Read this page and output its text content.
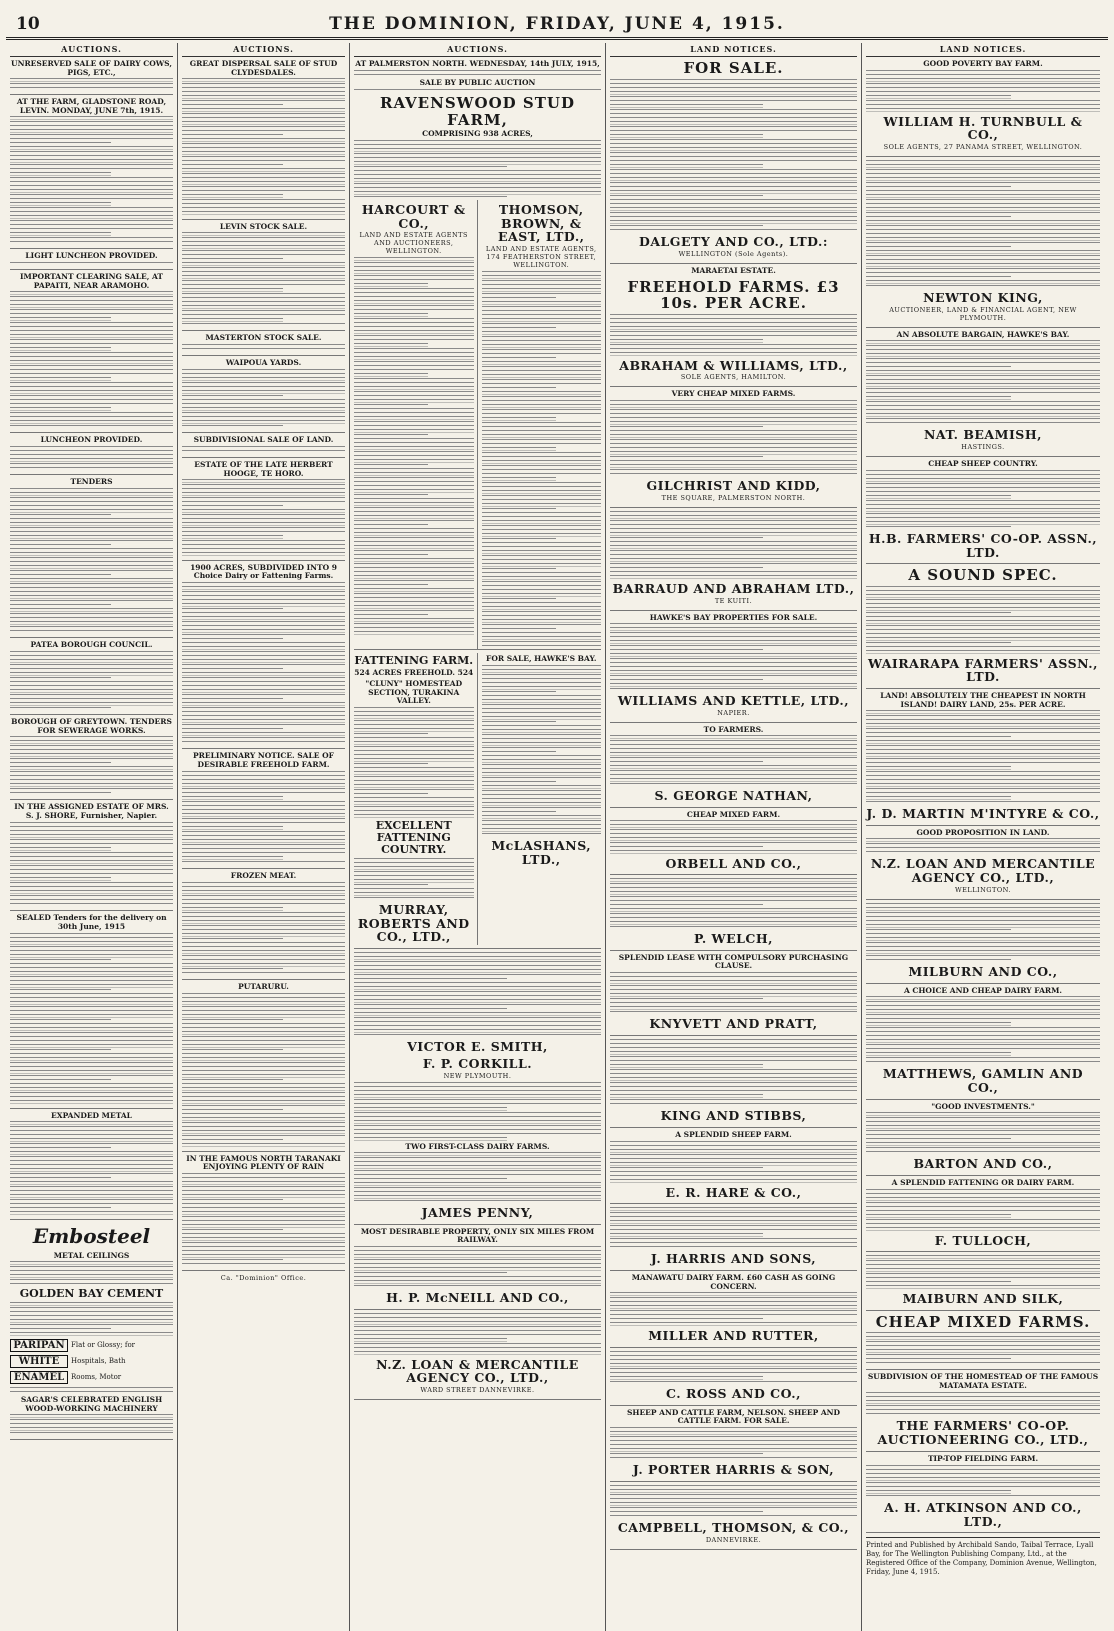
10	THE DOMINION, FRIDAY, JUNE 4, 1915.
AUCTIONS.
UNRESERVED SALE OF DAIRY COWS, PIGS, ETC.,
AT THE FARM, GLADSTONE ROAD, LEVIN. MONDAY, JUNE 7th, 1915.
LIGHT LUNCHEON PROVIDED.
IMPORTANT CLEARING SALE, AT PAPAITI, NEAR ARAMOHO.
LUNCHEON PROVIDED.
TENDERS
PATEA BOROUGH COUNCIL.
BOROUGH OF GREYTOWN. TENDERS FOR SEWERAGE WORKS.
IN THE ASSIGNED ESTATE OF MRS. S. J. SHORE, Furnisher, Napier.
SEALED Tenders for the delivery on 30th June, 1915
EXPANDED METAL
Embosteel
METAL CEILINGS
GOLDEN BAY CEMENT
PARIPAN Flat or Glossy; for
WHITE	Hospitals, Bath
ENAMEL Rooms, Motor
SAGAR'S CELEBRATED ENGLISH WOOD-WORKING MACHINERY
AUCTIONS.
GREAT DISPERSAL SALE OF STUD CLYDESDALES.
LEVIN STOCK SALE.
MASTERTON STOCK SALE.
WAIPOUA YARDS.
SUBDIVISIONAL SALE OF LAND.
ESTATE OF THE LATE HERBERT HOOGE, TE HORO.
1900 ACRES, SUBDIVIDED INTO 9 Choice Dairy or Fattening Farms.
PRELIMINARY NOTICE. SALE OF DESIRABLE FREEHOLD FARM.
FROZEN MEAT.
PUTARURU.
IN THE FAMOUS NORTH TARANAKI ENJOYING PLENTY OF RAIN
Ca. "Dominion" Office.
AUCTIONS.
AT PALMERSTON NORTH. WEDNESDAY, 14th JULY, 1915,
SALE BY PUBLIC AUCTION
RAVENSWOOD STUD FARM,
COMPRISING 938 ACRES,
HARCOURT & CO.,
LAND AND ESTATE AGENTS AND AUCTIONEERS, WELLINGTON.
THOMSON, BROWN, & EAST, LTD.,
LAND AND ESTATE AGENTS, 174 FEATHERSTON STREET, WELLINGTON.
FATTENING FARM.
524 ACRES FREEHOLD. 524
"CLUNY" HOMESTEAD SECTION, TURAKINA VALLEY.
EXCELLENT FATTENING COUNTRY.
MURRAY, ROBERTS AND CO., LTD.,
FOR SALE, HAWKE'S BAY.
McLASHANS, LTD.,
VICTOR E. SMITH,
F. P. CORKILL.
NEW PLYMOUTH.
TWO FIRST-CLASS DAIRY FARMS.
JAMES PENNY,
MOST DESIRABLE PROPERTY, ONLY SIX MILES FROM RAILWAY.
H. P. McNEILL AND CO.,
N.Z. LOAN & MERCANTILE AGENCY CO., LTD.,
WARD STREET DANNEVIRKE.
LAND NOTICES.
FOR SALE.
DALGETY AND CO., LTD.:
WELLINGTON (Sole Agents).
MARAETAI ESTATE.
FREEHOLD FARMS. £3 10s. PER ACRE.
ABRAHAM & WILLIAMS, LTD.,
SOLE AGENTS, HAMILTON.
VERY CHEAP MIXED FARMS.
GILCHRIST AND KIDD,
THE SQUARE, PALMERSTON NORTH.
BARRAUD AND ABRAHAM LTD.,
TE KUITI.
HAWKE'S BAY PROPERTIES FOR SALE.
WILLIAMS AND KETTLE, LTD.,
NAPIER.
TO FARMERS.
S. GEORGE NATHAN,
CHEAP MIXED FARM.
ORBELL AND CO.,
P. WELCH,
SPLENDID LEASE WITH COMPULSORY PURCHASING CLAUSE.
KNYVETT AND PRATT,
KING AND STIBBS,
A SPLENDID SHEEP FARM.
E. R. HARE & CO.,
J. HARRIS AND SONS,
MANAWATU DAIRY FARM. £60 CASH AS GOING CONCERN.
MILLER AND RUTTER,
C. ROSS AND CO.,
SHEEP AND CATTLE FARM, NELSON. SHEEP AND CATTLE FARM. FOR SALE.
J. PORTER HARRIS & SON,
CAMPBELL, THOMSON, & CO.,
DANNEVIRKE.
LAND NOTICES.
GOOD POVERTY BAY FARM.
WILLIAM H. TURNBULL & CO.,
SOLE AGENTS, 27 PANAMA STREET, WELLINGTON.
NEWTON KING,
AUCTIONEER, LAND & FINANCIAL AGENT, NEW PLYMOUTH.
AN ABSOLUTE BARGAIN, HAWKE'S BAY.
NAT. BEAMISH,
HASTINGS.
CHEAP SHEEP COUNTRY.
H.B. FARMERS' CO-OP. ASSN., LTD.
A SOUND SPEC.
WAIRARAPA FARMERS' ASSN., LTD.
LAND! ABSOLUTELY THE CHEAPEST IN NORTH ISLAND! DAIRY LAND, 25s. PER ACRE.
J. D. MARTIN M'INTYRE & CO.,
GOOD PROPOSITION IN LAND.
N.Z. LOAN AND MERCANTILE AGENCY CO., LTD.,
WELLINGTON.
MILBURN AND CO.,
A CHOICE AND CHEAP DAIRY FARM.
MATTHEWS, GAMLIN AND CO.,
"GOOD INVESTMENTS."
BARTON AND CO.,
A SPLENDID FATTENING OR DAIRY FARM.
F. TULLOCH,
MAIBURN AND SILK,
CHEAP MIXED FARMS.
SUBDIVISION OF THE HOMESTEAD OF THE FAMOUS MATAMATA ESTATE.
THE FARMERS' CO-OP. AUCTIONEERING CO., LTD.,
TIP-TOP FIELDING FARM.
A. H. ATKINSON AND CO., LTD.,
Printed and Published by Archibald Sando, Taibal Terrace, Lyall Bay, for The Wellington Publishing Company, Ltd., at the Registered Office of the Company, Dominion Avenue, Wellington, Friday, June 4, 1915.
